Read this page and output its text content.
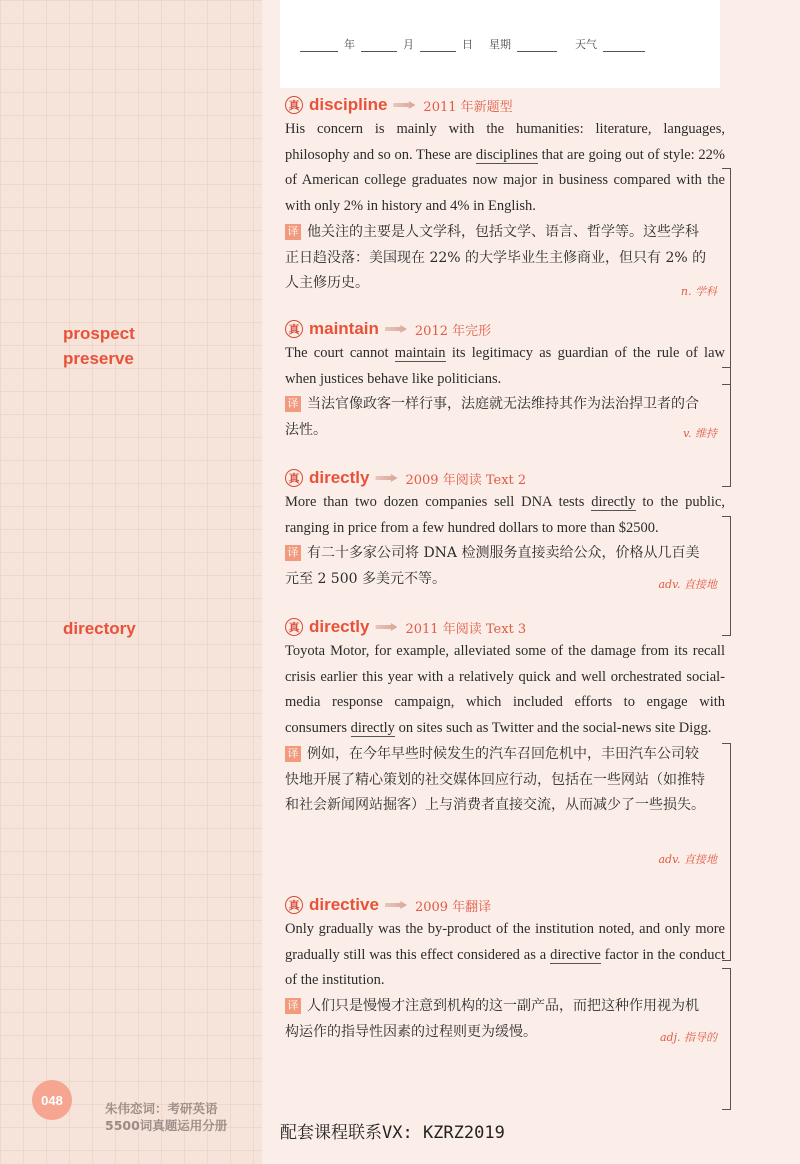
年	月	日 星期	天气
prospect
preserve
directory
真 discipline	2011 年新题型

His concern is mainly with the humanities: literature, languages, philosophy and so on. These are disciplines that are going out of style: 22% of American college graduates now major in business compared with the with only 2% in history and 4% in English.

译 他关注的主要是人文学科，包括文学、语言、哲学等。这些学科正日趋没落：美国现在 22% 的大学毕业生主修商业，但只有 2% 的人主修历史。

n. 学科
真 maintain	2012 年完形

The court cannot maintain its legitimacy as guardian of the rule of law when justices behave like politicians.

译 当法官像政客一样行事，法庭就无法维持其作为法治捍卫者的合法性。	v. 维持
真 directly	2009 年阅读 Text 2

More than two dozen companies sell DNA tests directly to the public, ranging in price from a few hundred dollars to more than $2500.

译 有二十多家公司将 DNA 检测服务直接卖给公众，价格从几百美元至 2 500 多美元不等。	adv. 直接地
真 directly	2011 年阅读 Text 3

Toyota Motor, for example, alleviated some of the damage from its recall crisis earlier this year with a relatively quick and well orchestrated social-media response campaign, which included efforts to engage with consumers directly on sites such as Twitter and the social-news site Digg.

译 例如，在今年早些时候发生的汽车召回危机中，丰田汽车公司较快地开展了精心策划的社交媒体回应行动，包括在一些网站（如推特和社会新闻网站掘客）上与消费者直接交流，从而减少了一些损失。

adv. 直接地
真 directive	2009 年翻译

Only gradually was the by-product of the institution noted, and only more gradually still was this effect considered as a directive factor in the conduct of the institution.

译 人们只是慢慢才注意到机构的这一副产品，而把这种作用视为机构运作的指导性因素的过程则更为缓慢。	adj. 指导的
048
朱伟恋词：考研英语
5500词真题运用分册	配套课程联系VX: KZRZ2019
